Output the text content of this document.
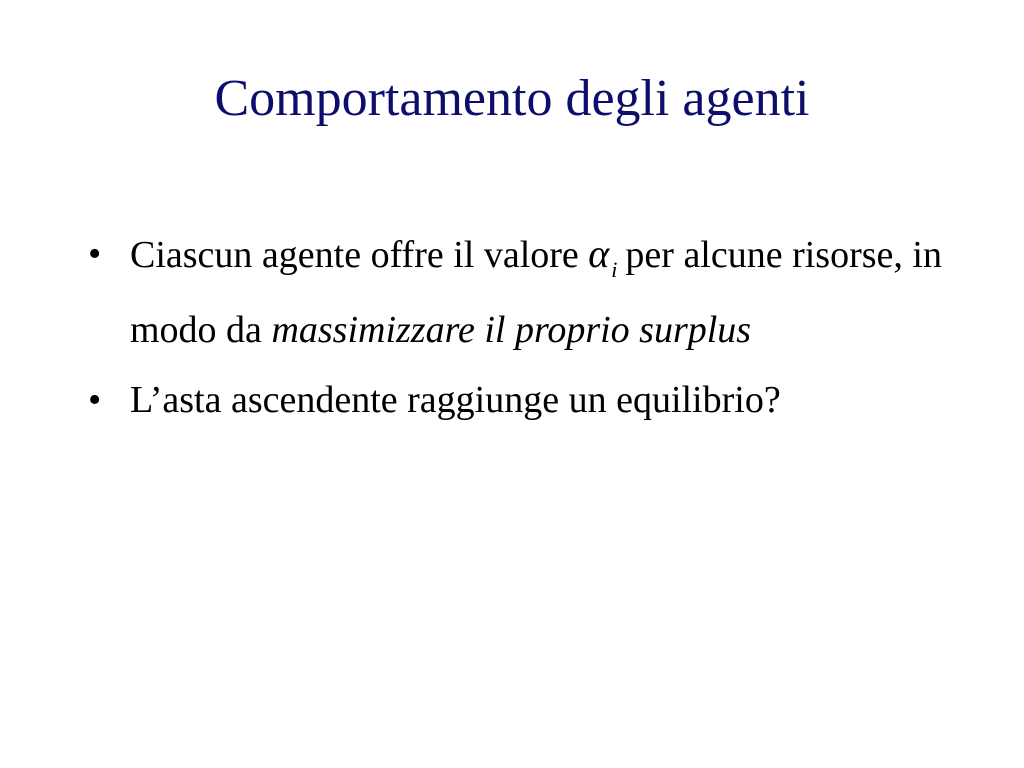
Comportamento degli agenti
• Ciascun agente offre il valore $\alpha_i$ per alcune risorse, in modo da massimizzare il proprio surplus
• L’asta ascendente raggiunge un equilibrio?
